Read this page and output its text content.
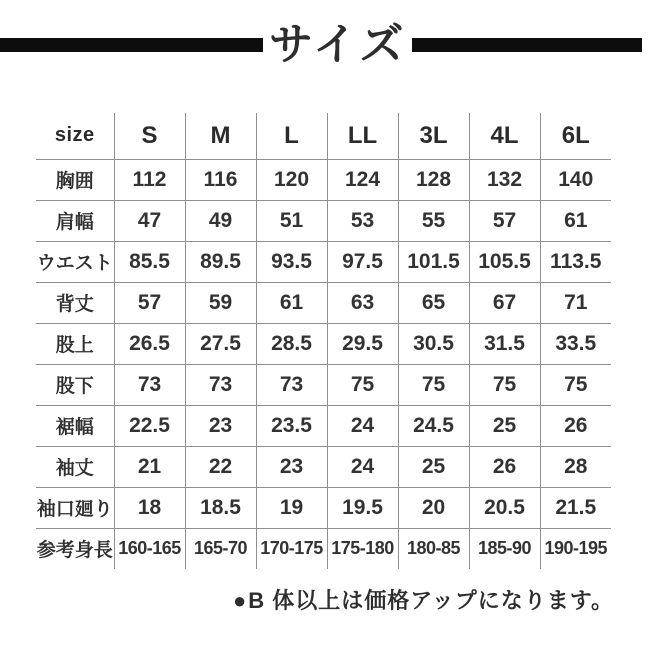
サイズ
size	S	M	L	LL	3L	4L	6L
胸囲	112	116	120	124	128	132	140
肩幅	47	49	51	53	55	57	61
ウエスト	85.5	89.5	93.5	97.5	101.5	105.5	113.5
背丈	57	59	61	63	65	67	71
股上	26.5	27.5	28.5	29.5	30.5	31.5	33.5
股下	73	73	73	75	75	75	75
裾幅	22.5	23	23.5	24	24.5	25	26
袖丈	21	22	23	24	25	26	28
袖口廻り	18	18.5	19	19.5	20	20.5	21.5
参考身長	160-165	165-70	170-175	175-180	180-85	185-90	190-195
●B 体以上は価格アップになります。
